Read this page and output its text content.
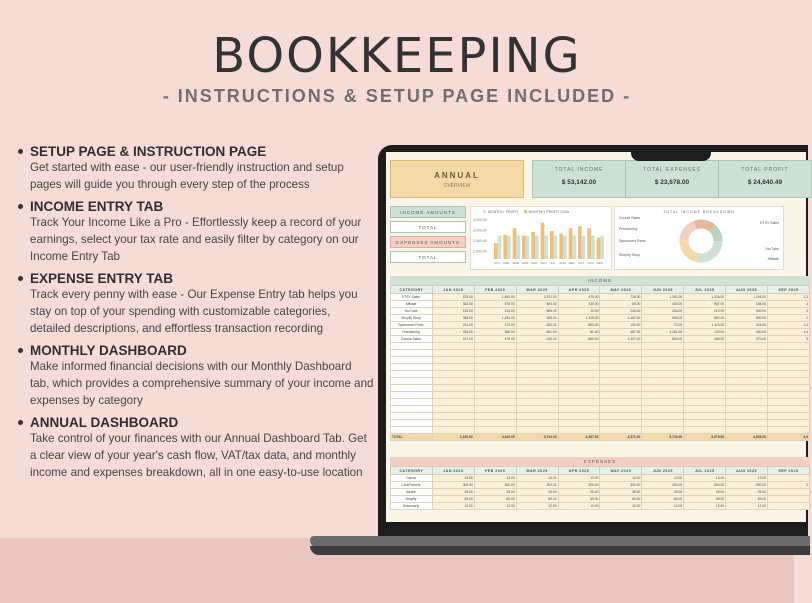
BOOKKEEPING
- INSTRUCTIONS & SETUP PAGE INCLUDED -
SETUP PAGE & INSTRUCTION PAGE
Get started with ease - our user-friendly instruction and setup pages will guide you through every step of the process
INCOME ENTRY TAB
Track Your Income Like a Pro - Effortlessly keep a record of your earnings, select your tax rate and easily filter by category on our Income Entry Tab
EXPENSE ENTRY TAB
Track every penny with ease - Our Expense Entry tab helps you stay on top of your spending with customizable categories, detailed descriptions, and effortless transaction recording
MONTHLY DASHBOARD
Make informed financial decisions with our Monthly Dashboard tab, which provides a comprehensive summary of your income and expenses by category
ANNUAL DASHBOARD
Take control of your finances with our Annual Dashboard Tab. Get a clear view of your year's cash flow, VAT/tax data, and monthly income and expenses breakdown, all in one easy-to-use location
ANNUAL
OVERVIEW
TOTAL INCOME
$ 53,142.00
TOTAL EXPENSES
$ 23,678.00
TOTAL PROFIT
$ 24,640.49
INCOME AMOUNTS
TOTAL
EXPENSES AMOUNTS
TOTAL
MONTHLY PROFIT	MONTHLY PROFIT GOAL
4,000.00
3,000.00
2,000.00
1,000.00
JAN FEB MAR APR MAY JUN JUL AUG SEP OCT NOV DEC
TOTAL INCOME BREAKDOWN
Course Sales
Freelancing
Sponsored Posts
Shopify Shop
ETSY Sales
YouTube
Affiliate
INCOME
CATEGORY	JAN 2025	FEB 2025	MAR 2025	APR 2025	MAY 2025	JUN 2025	JUL 2025	AUG 2025	SEP 2025
ETSY Sales	875.00	1,600.00	2,241.00	470.00	710.00	1,361.00	1,326.00	1,245.00	1,3
Affiliate	342.00	476.00	864.00	230.00	60.00	400.00	967.00	165.00	4
YouTube	125.00	114.00	665.00	12.00	240.00	204.00	210.00	300.00	4
Shopify Shop	345.00	1,230.00	189.00	1,325.00	1,467.00	565.00	890.00	600.00	2
Sponsored Posts	231.00	170.00	450.00	863.00	100.00	70.00	1,113.00	345.00	1,4
Freelancing	334.00	350.00	651.00	61.00	487.00	1,261.00	100.00	400.00	1,4
Course Sales	167.00	478.00	240.00	860.00	1,307.00	800.00	465.00	970.00	9

TOTAL	2,420.00	4,440.00	5,734.00	4,167.00	4,371.00	5,723.00	5,079.00	4,505.00	4,9
EXPENSES
CATEGORY	JAN 2025	FEB 2025	MAR 2025	APR 2025	MAY 2025	JUN 2025	JUL 2025	AUG 2025	SEP 2025
Canva	13.00	13.00	13.00	13.00	13.00	13.00	13.00	13.00	
ClickFunnels	300.00	300.00	300.00	300.00	300.00	300.00	300.00	300.00	3
Adobe	25.00	25.00	25.00	25.00	25.00	25.00	25.00	25.00	
Shopify	69.00	69.00	69.00	69.00	69.00	69.00	69.00	69.00	
Grammarly	12.00	12.00	12.00	12.00	12.00	12.00	12.00	12.00	
